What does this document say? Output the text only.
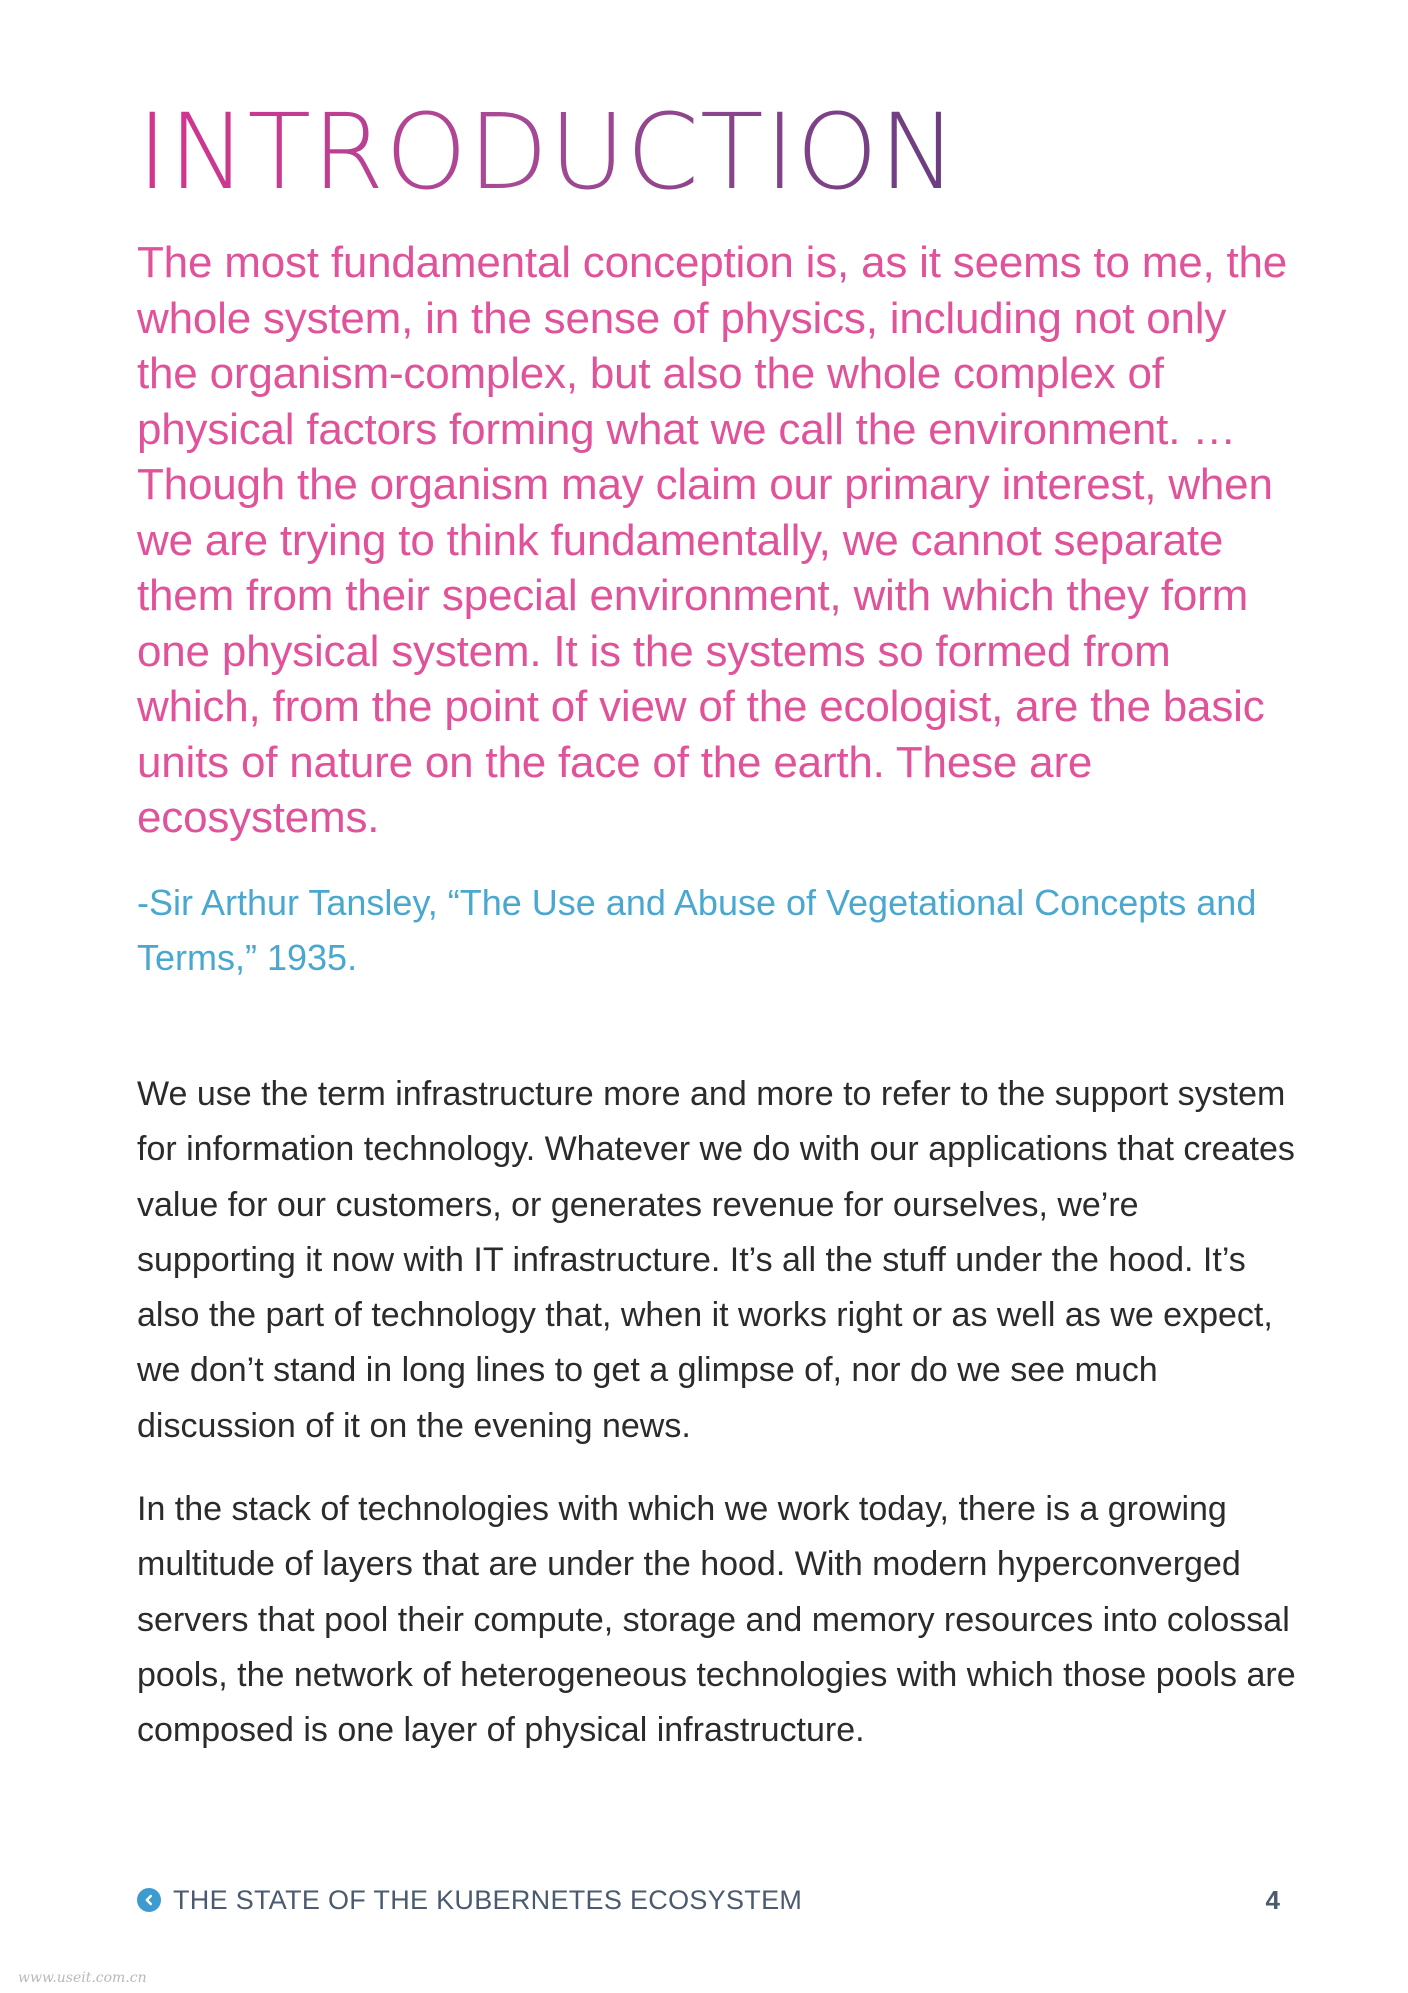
INTRODUCTION

The most fundamental conception is, as it seems to me, the whole system, in the sense of physics, including not only the organism-complex, but also the whole complex of physical factors forming what we call the environment. … Though the organism may claim our primary interest, when we are trying to think fundamentally, we cannot separate them from their special environment, with which they form one physical system. It is the systems so formed from which, from the point of view of the ecologist, are the basic units of nature on the face of the earth. These are ecosystems.

-Sir Arthur Tansley, “The Use and Abuse of Vegetational Concepts and Terms,” 1935.

We use the term infrastructure more and more to refer to the support system for information technology. Whatever we do with our applications that creates value for our customers, or generates revenue for ourselves, we’re supporting it now with IT infrastructure. It’s all the stuff under the hood. It’s also the part of technology that, when it works right or as well as we expect, we don’t stand in long lines to get a glimpse of, nor do we see much discussion of it on the evening news.

In the stack of technologies with which we work today, there is a growing multitude of layers that are under the hood. With modern hyperconverged servers that pool their compute, storage and memory resources into colossal pools, the network of heterogeneous technologies with which those pools are composed is one layer of physical infrastructure.

THE STATE OF THE KUBERNETES ECOSYSTEM	4
www.useit.com.cn
